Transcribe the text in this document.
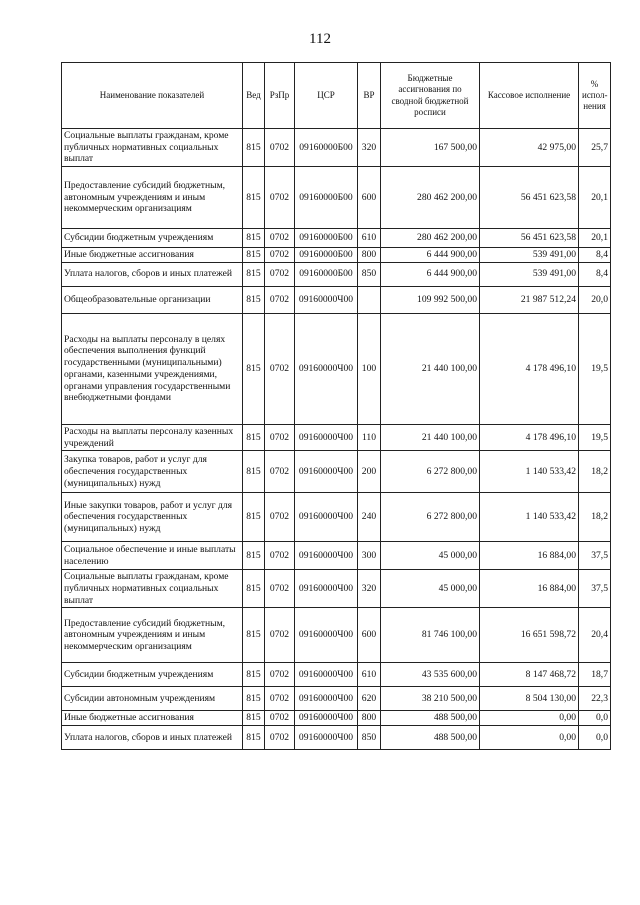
112
Наименование показателей	Вед	РзПр	ЦСР	ВР	Бюджетные ассигнования по сводной бюджетной росписи	Кассовое исполнение	% испол-нения
Социальные выплаты гражданам, кроме публичных нормативных социальных выплат	815	0702	09160000Б00	320	167 500,00	42 975,00	25,7
Предоставление субсидий бюджетным, автономным учреждениям и иным некоммерческим организациям	815	0702	09160000Б00	600	280 462 200,00	56 451 623,58	20,1
Субсидии бюджетным учреждениям	815	0702	09160000Б00	610	280 462 200,00	56 451 623,58	20,1
Иные бюджетные ассигнования	815	0702	09160000Б00	800	6 444 900,00	539 491,00	8,4
Уплата налогов, сборов и иных платежей	815	0702	09160000Б00	850	6 444 900,00	539 491,00	8,4
Общеобразовательные организации	815	0702	09160000Ч00		109 992 500,00	21 987 512,24	20,0
Расходы на выплаты персоналу в целях обеспечения выполнения функций государственными (муниципальными) органами, казенными учреждениями, органами управления государственными внебюджетными фондами	815	0702	09160000Ч00	100	21 440 100,00	4 178 496,10	19,5
Расходы на выплаты персоналу казенных учреждений	815	0702	09160000Ч00	110	21 440 100,00	4 178 496,10	19,5
Закупка товаров, работ и услуг для обеспечения государственных (муниципальных) нужд	815	0702	09160000Ч00	200	6 272 800,00	1 140 533,42	18,2
Иные закупки товаров, работ и услуг для обеспечения государственных (муниципальных) нужд	815	0702	09160000Ч00	240	6 272 800,00	1 140 533,42	18,2
Социальное обеспечение и иные выплаты населению	815	0702	09160000Ч00	300	45 000,00	16 884,00	37,5
Социальные выплаты гражданам, кроме публичных нормативных социальных выплат	815	0702	09160000Ч00	320	45 000,00	16 884,00	37,5
Предоставление субсидий бюджетным, автономным учреждениям и иным некоммерческим организациям	815	0702	09160000Ч00	600	81 746 100,00	16 651 598,72	20,4
Субсидии бюджетным учреждениям	815	0702	09160000Ч00	610	43 535 600,00	8 147 468,72	18,7
Субсидии автономным учреждениям	815	0702	09160000Ч00	620	38 210 500,00	8 504 130,00	22,3
Иные бюджетные ассигнования	815	0702	09160000Ч00	800	488 500,00	0,00	0,0
Уплата налогов, сборов и иных платежей	815	0702	09160000Ч00	850	488 500,00	0,00	0,0
